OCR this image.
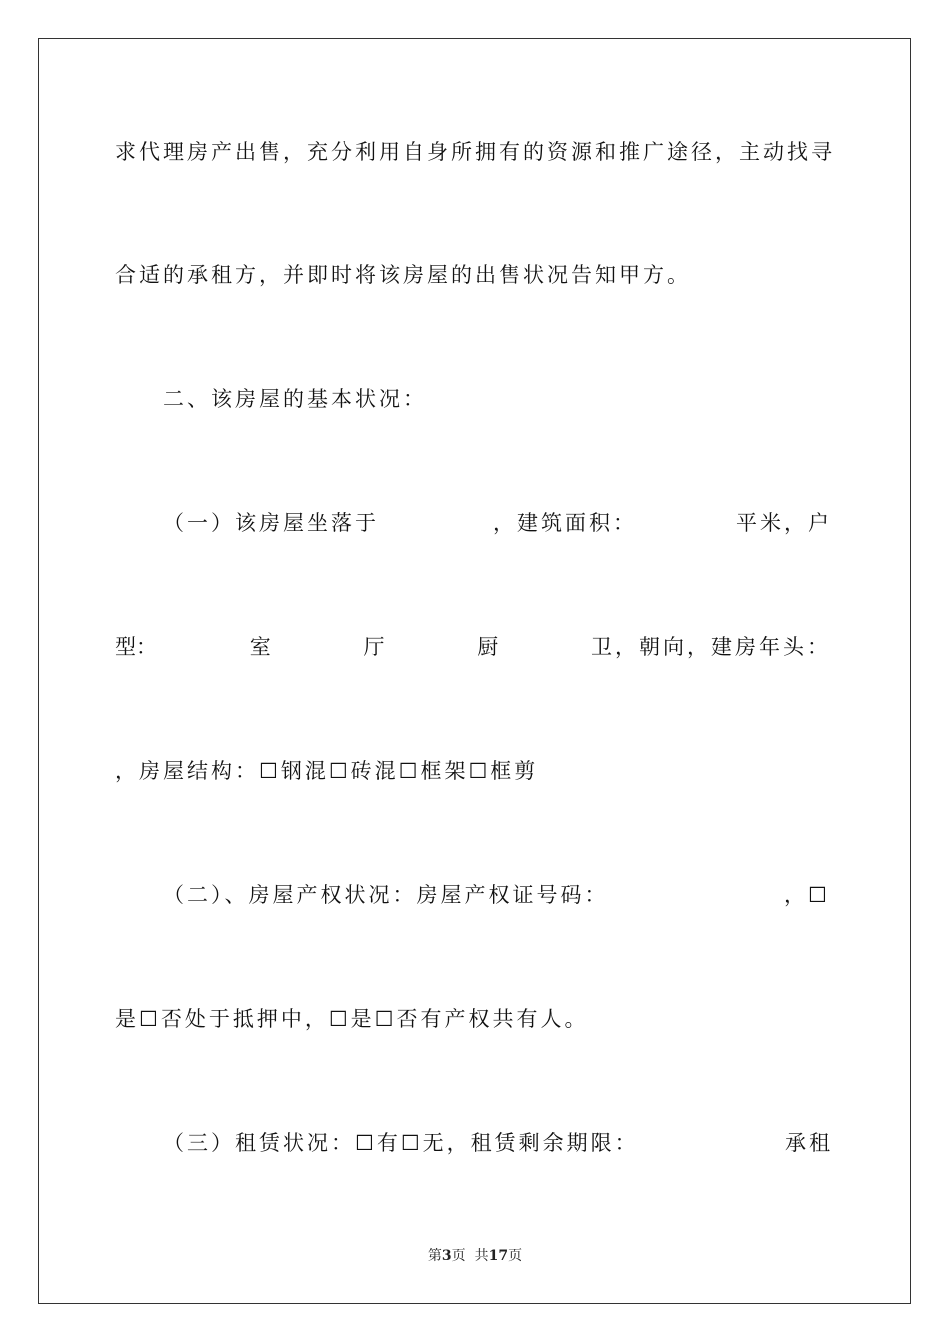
求代理房产出售，充分利用自身所拥有的资源和推广途径，主动找寻
合适的承租方，并即时将该房屋的出售状况告知甲方。
二、该房屋的基本状况：
（一）该房屋坐落于	，建筑面积：	平米，户
型：	室	厅	厨	卫，朝向，建房年头：
，房屋结构：☐钢混☐砖混☐框架☐框剪
（二）、房屋产权状况：房屋产权证号码：	，☐
是☐否处于抵押中，☐是☐否有产权共有人。
（三）租赁状况：☐有☐无，租赁剩余期限：	承租
第3页  共17页
